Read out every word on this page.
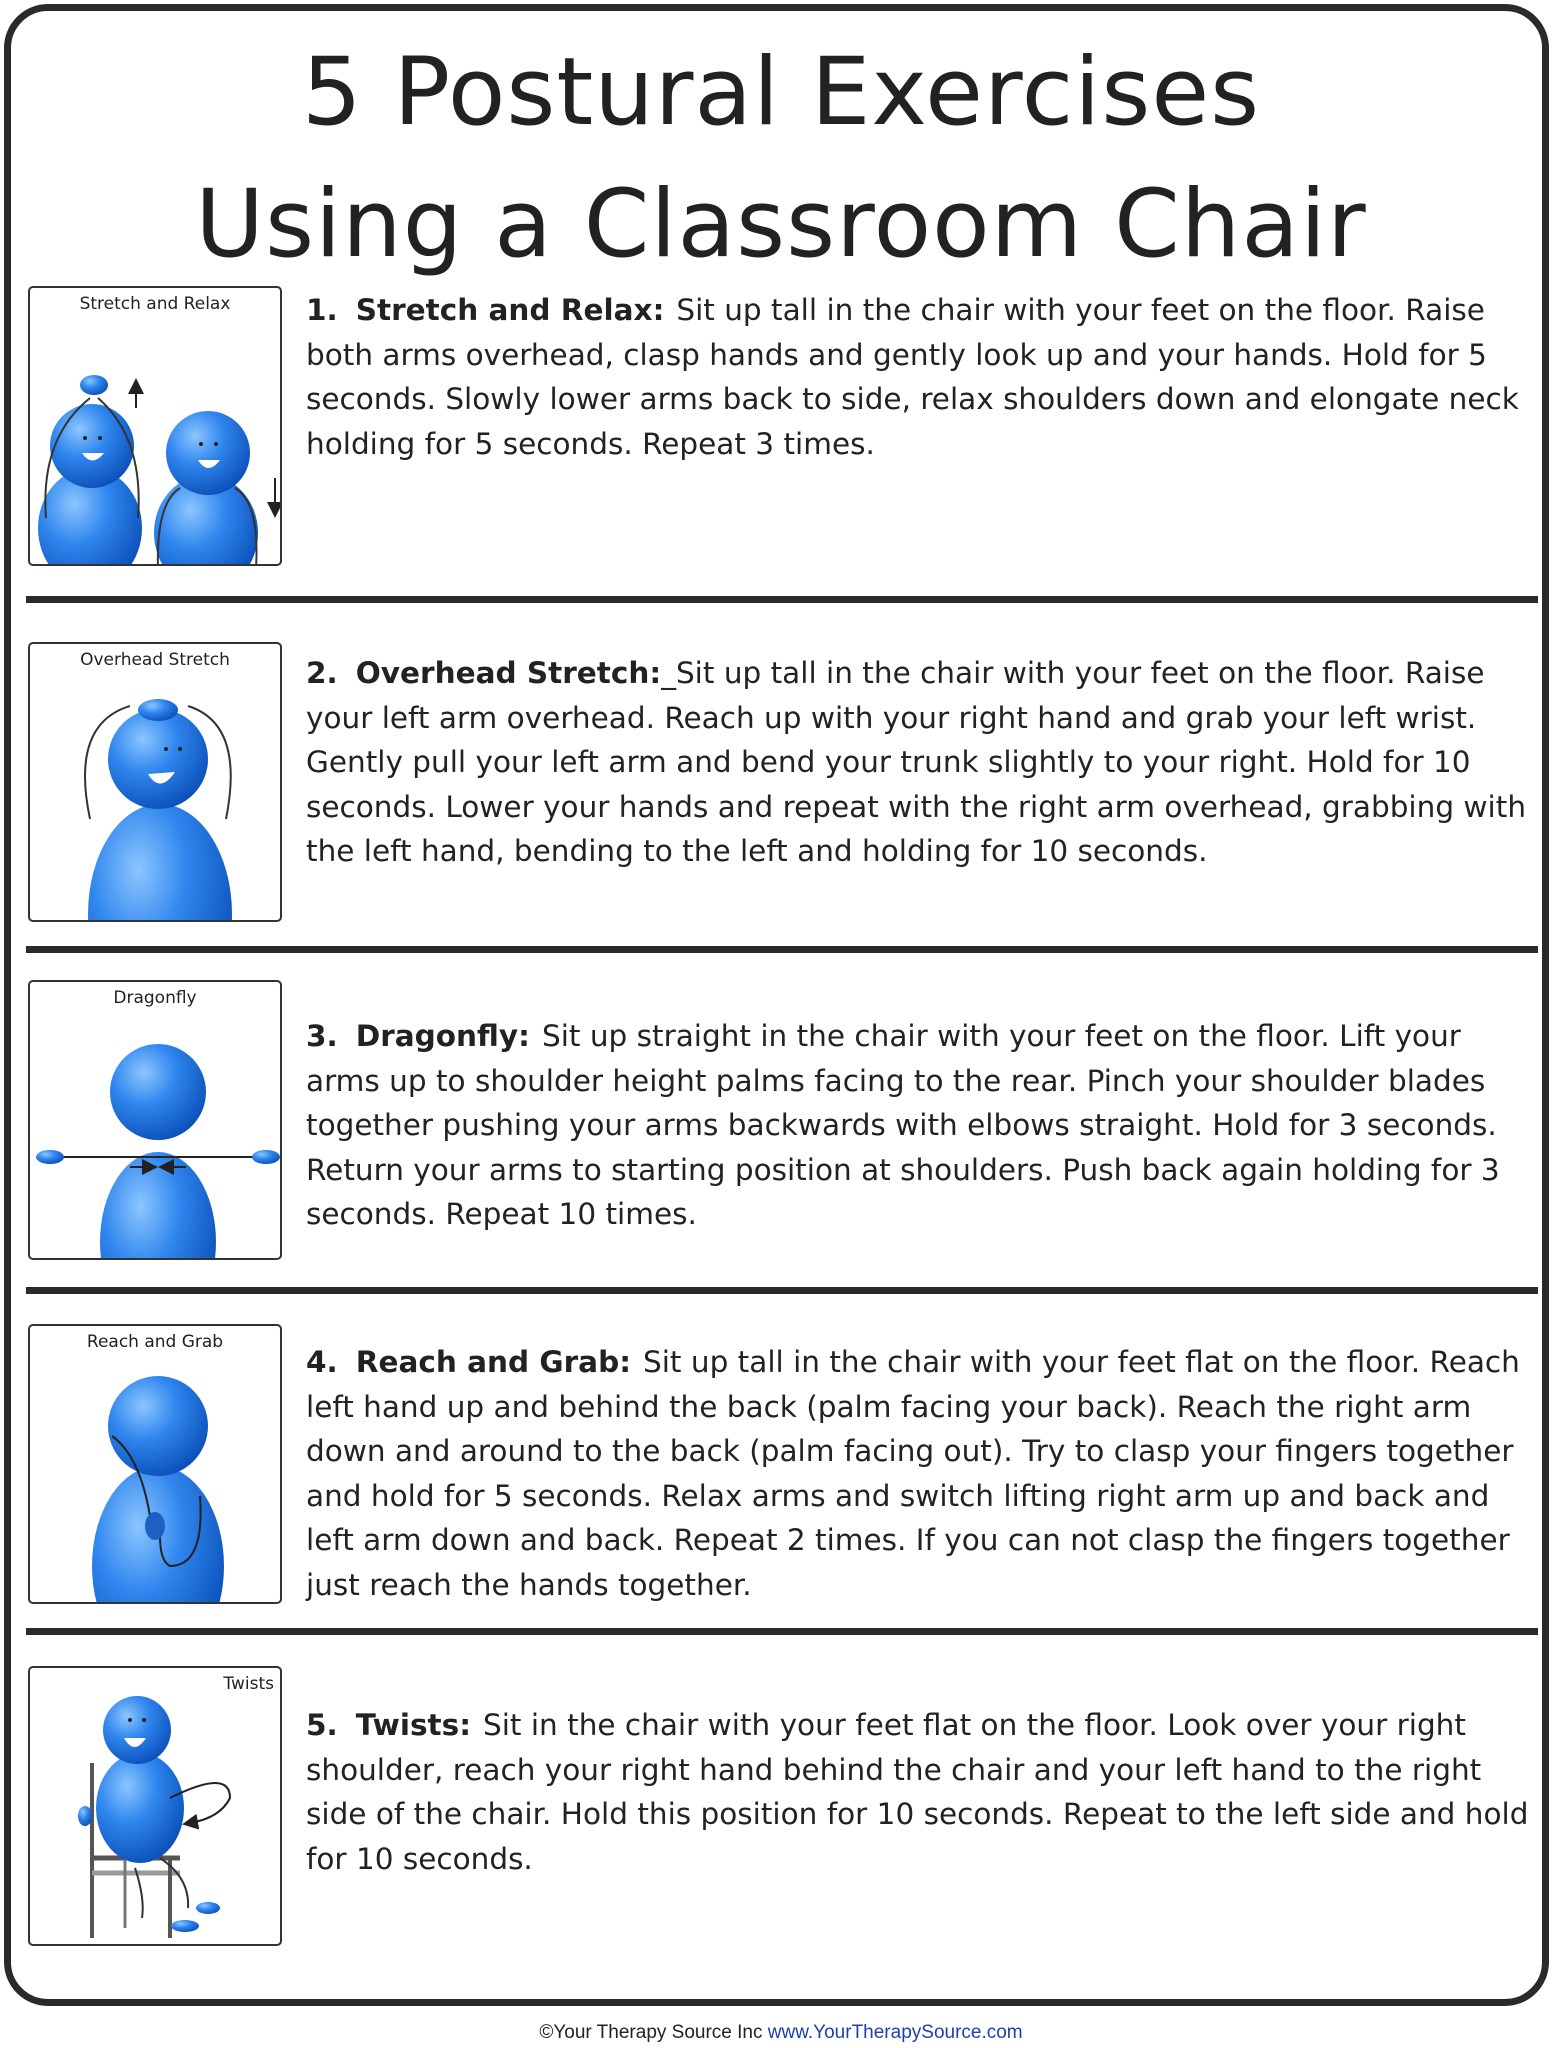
5 Postural Exercises
Using a Classroom Chair
Stretch and Relax	1. Stretch and Relax: Sit up tall in the chair with your feet on the floor. Raise both arms overhead, clasp hands and gently look up and your hands. Hold for 5 seconds. Slowly lower arms back to side, relax shoulders down and elongate neck holding for 5 seconds. Repeat 3 times.
Overhead Stretch	2. Overhead Stretch:_Sit up tall in the chair with your feet on the floor. Raise your left arm overhead. Reach up with your right hand and grab your left wrist. Gently pull your left arm and bend your trunk slightly to your right. Hold for 10 seconds. Lower your hands and repeat with the right arm overhead, grabbing with the left hand, bending to the left and holding for 10 seconds.
Dragonfly
3. Dragonfly: Sit up straight in the chair with your feet on the floor. Lift your arms up to shoulder height palms facing to the rear. Pinch your shoulder blades together pushing your arms backwards with elbows straight. Hold for 3 seconds. Return your arms to starting position at shoulders. Push back again holding for 3 seconds. Repeat 10 times.
Reach and Grab
4. Reach and Grab: Sit up tall in the chair with your feet flat on the floor. Reach left hand up and behind the back (palm facing your back). Reach the right arm down and around to the back (palm facing out). Try to clasp your fingers together and hold for 5 seconds. Relax arms and switch lifting right arm up and back and left arm down and back. Repeat 2 times. If you can not clasp the fingers together just reach the hands together.
Twists
5. Twists: Sit in the chair with your feet flat on the floor. Look over your right shoulder, reach your right hand behind the chair and your left hand to the right side of the chair. Hold this position for 10 seconds. Repeat to the left side and hold for 10 seconds.
©Your Therapy Source Inc www.YourTherapySource.com
